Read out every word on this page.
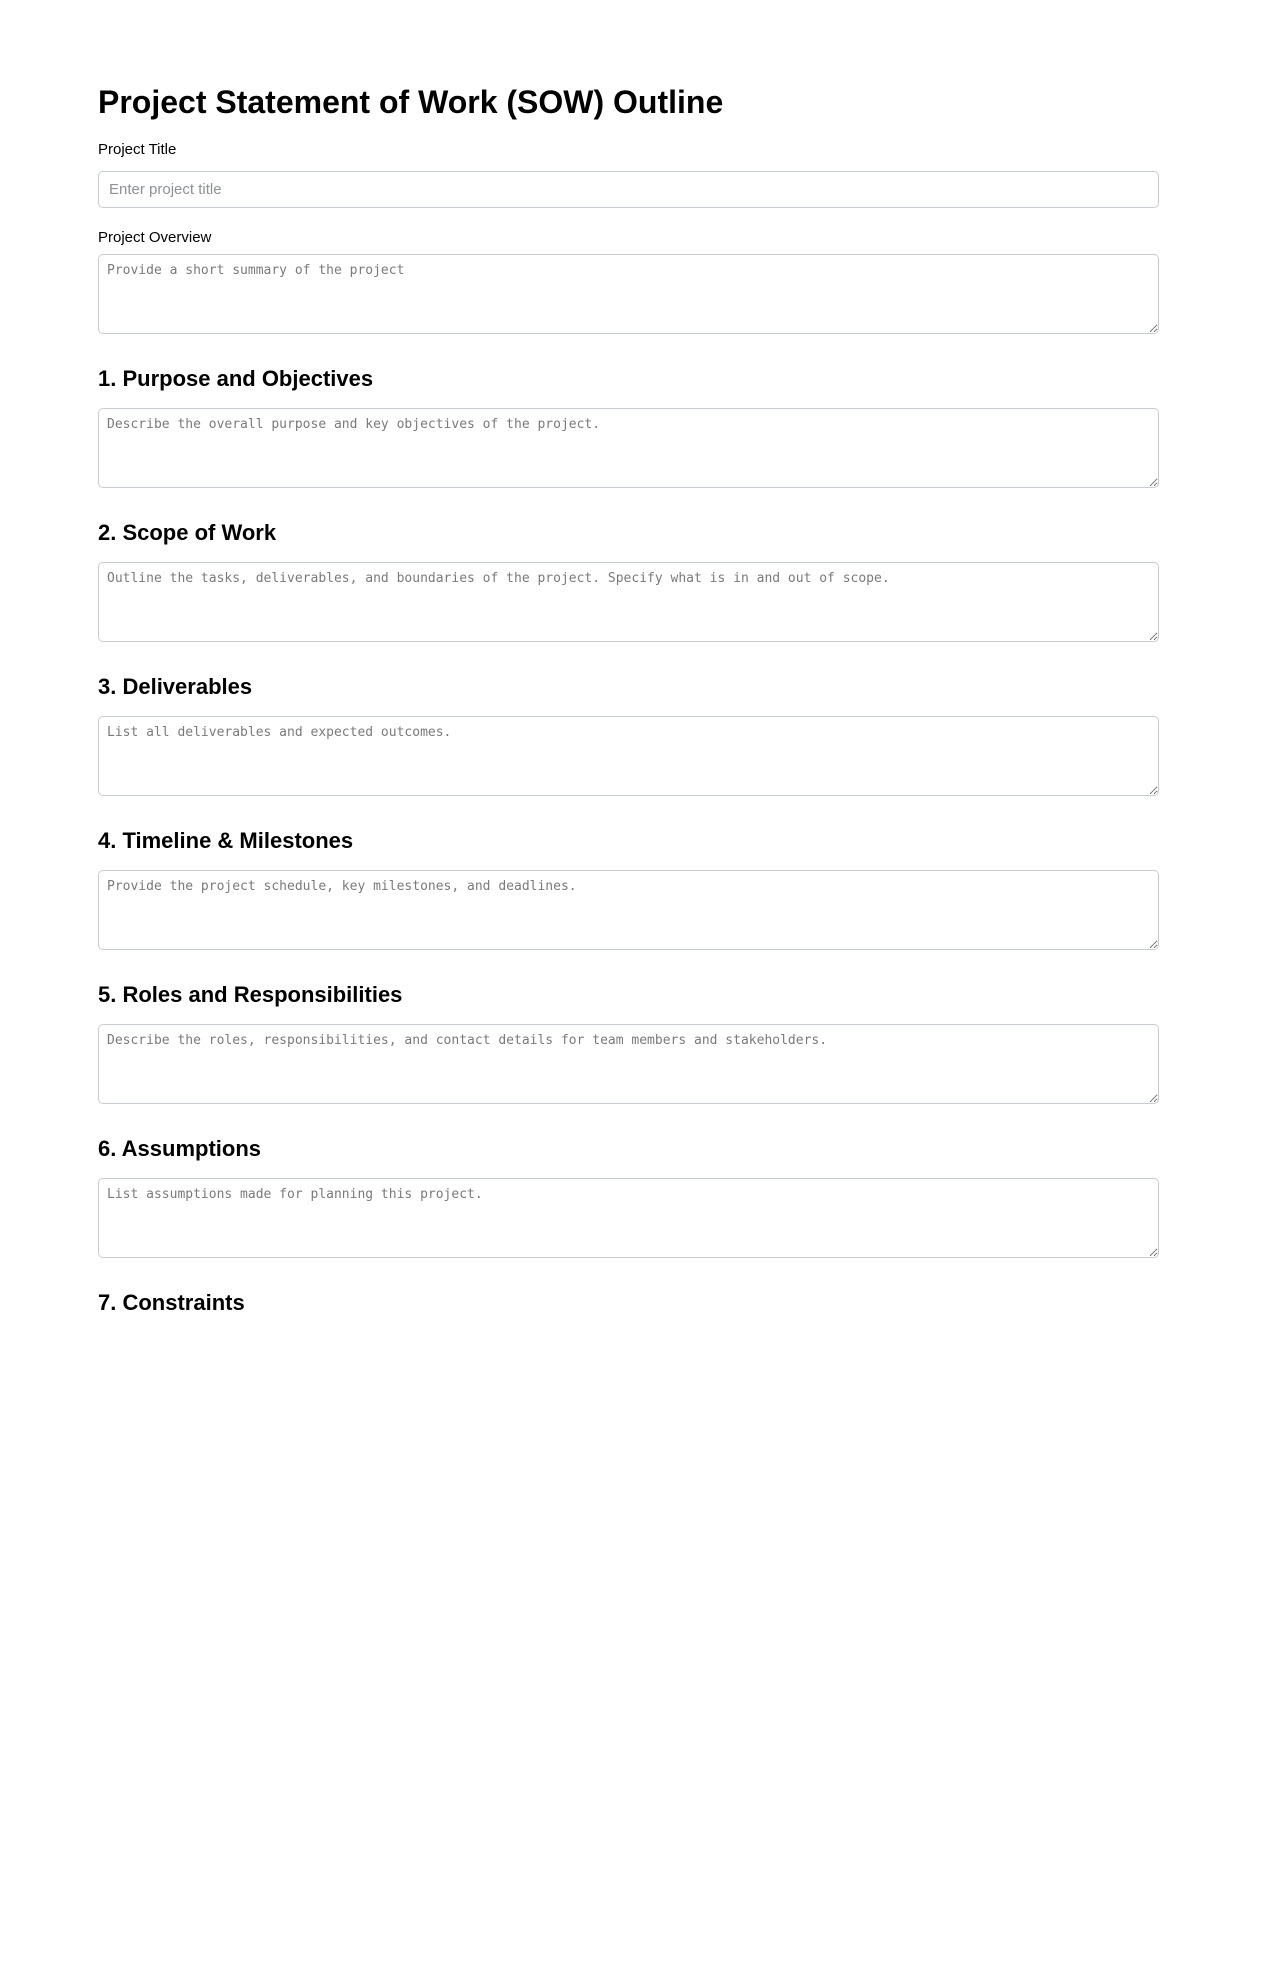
Project Statement of Work (SOW) Outline
Project Title
Enter project title
Project Overview
Provide a short summary of the project
1. Purpose and Objectives
Describe the overall purpose and key objectives of the project.
2. Scope of Work
Outline the tasks, deliverables, and boundaries of the project. Specify what is in and out of scope.
3. Deliverables
List all deliverables and expected outcomes.
4. Timeline & Milestones
Provide the project schedule, key milestones, and deadlines.
5. Roles and Responsibilities
Describe the roles, responsibilities, and contact details for team members and stakeholders.
6. Assumptions
List assumptions made for planning this project.
7. Constraints
